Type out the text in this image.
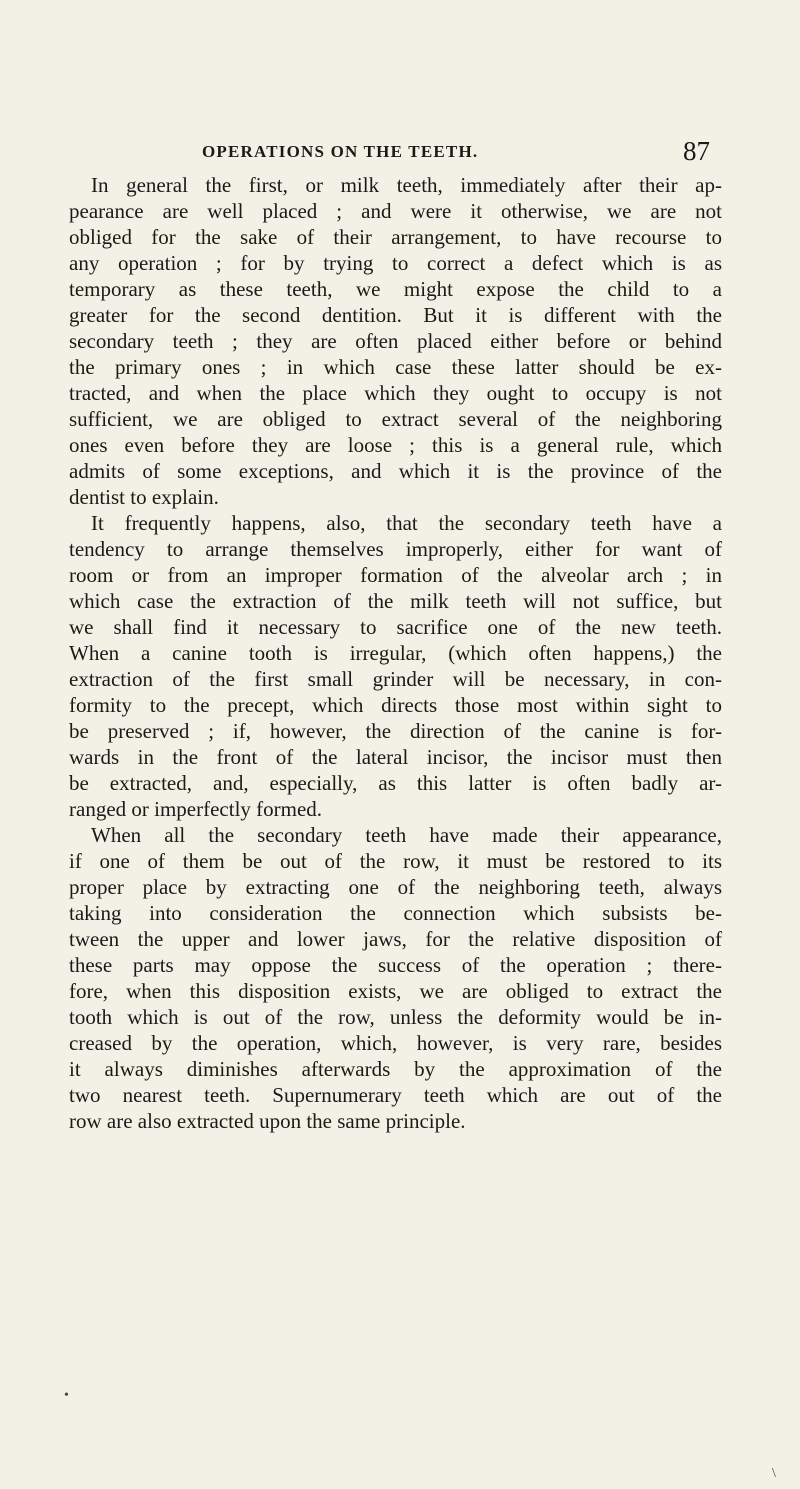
OPERATIONS ON THE TEETH.	87
In general the first, or milk teeth, immediately after their ap-
pearance are well placed ; and were it otherwise, we are not
obliged for the sake of their arrangement, to have recourse to
any operation ; for by trying to correct a defect which is as
temporary as these teeth, we might expose the child to a
greater for the second dentition. But it is different with the
secondary teeth ; they are often placed either before or behind
the primary ones ; in which case these latter should be ex-
tracted, and when the place which they ought to occupy is not
sufficient, we are obliged to extract several of the neighboring
ones even before they are loose ; this is a general rule, which
admits of some exceptions, and which it is the province of the
dentist to explain.
It frequently happens, also, that the secondary teeth have a
tendency to arrange themselves improperly, either for want of
room or from an improper formation of the alveolar arch ; in
which case the extraction of the milk teeth will not suffice, but
we shall find it necessary to sacrifice one of the new teeth.
When a canine tooth is irregular, (which often happens,) the
extraction of the first small grinder will be necessary, in con-
formity to the precept, which directs those most within sight to
be preserved ; if, however, the direction of the canine is for-
wards in the front of the lateral incisor, the incisor must then
be extracted, and, especially, as this latter is often badly ar-
ranged or imperfectly formed.
When all the secondary teeth have made their appearance,
if one of them be out of the row, it must be restored to its
proper place by extracting one of the neighboring teeth, always
taking into consideration the connection which subsists be-
tween the upper and lower jaws, for the relative disposition of
these parts may oppose the success of the operation ; there-
fore, when this disposition exists, we are obliged to extract the
tooth which is out of the row, unless the deformity would be in-
creased by the operation, which, however, is very rare, besides
it always diminishes afterwards by the approximation of the
two nearest teeth. Supernumerary teeth which are out of the
row are also extracted upon the same principle.
•
\
